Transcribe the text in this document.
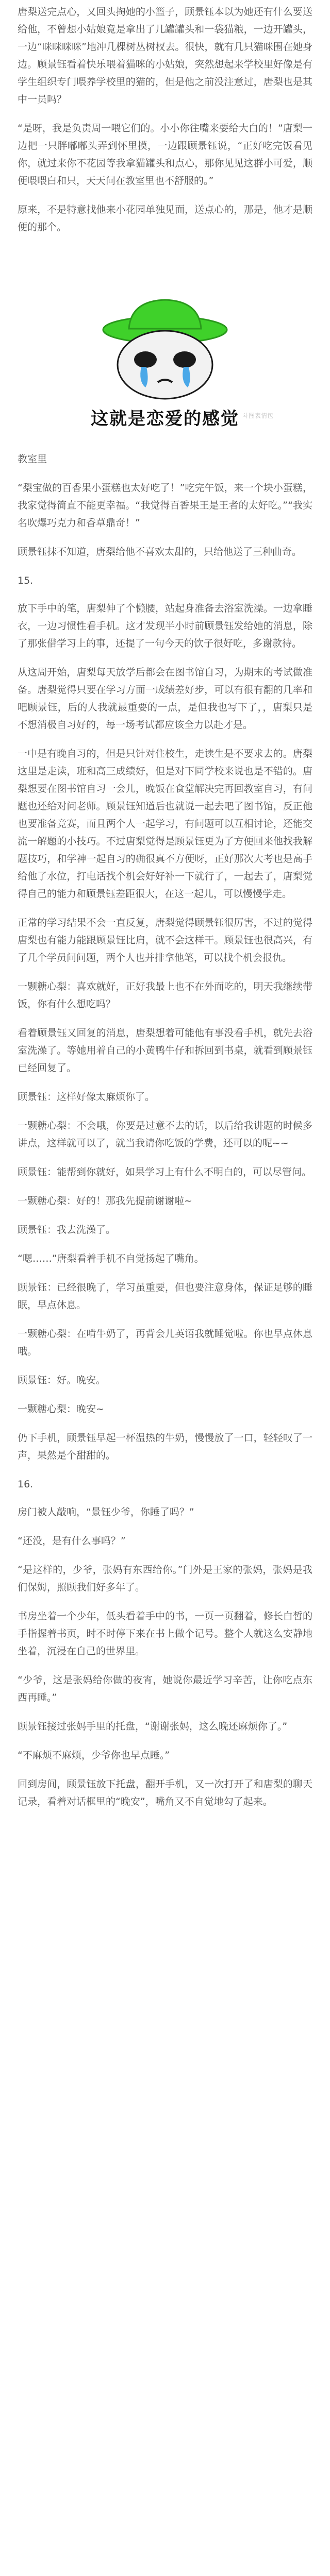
唐梨送完点心，又回头掏她的小篮子，顾景钰本以为她还有什么要送给他，不曾想小姑娘竟是拿出了几罐罐头和一袋猫粮，一边开罐头，一边“咪咪咪咪”地冲几棵树丛树杈去。很快，就有几只猫咪围在她身边。顾景钰看着快乐喂着猫咪的小姑娘，突然想起来学校里好像是有学生组织专门喂养学校里的猫的，但是他之前没注意过，唐梨也是其中一员吗？

“是呀，我是负责周一喂它们的。小小你往嘴来要给大白的！”唐梨一边把一只胖嘟嘟头弄到怀里摸，一边跟顾景钰说，“正好吃完饭看见你，就过来你不花园等我拿猫罐头和点心，那你见见这群小可爱，顺便喂喂白和只，天天问在教室里也不舒服的。”

原来，不是特意找他来小花园单独见面，送点心的，那是，他才是顺便的那个。

这就是恋爱的感觉 斗图表情包

教室里

“梨宝做的百香果小蛋糕也太好吃了！”吃完午饭，来一个块小蛋糕，我家觉得简直不能更幸福。“我觉得百香果王是王者的太好吃。”“我实名吹爆巧克力和香草鼎奇！”

顾景钰抹不知道，唐梨给他不喜欢太甜的，只给他送了三种曲奇。

15.

放下手中的笔，唐梨伸了个懒腰，站起身准备去浴室洗澡。一边拿睡衣，一边习惯性看手机。这才发现半小时前顾景钰发给她的消息，除了那张借学习上的事，还提了一句今天的饮子很好吃，多谢款待。

从这周开始，唐梨每天放学后都会在图书馆自习，为期末的考试做准备。唐梨觉得只要在学习方面一成绩差好步，可以有很有翻的几率和吧顾景钰，后的人我就最重要的一点，是但我也写下了，，唐梨只是不想消极自习好的，每一场考试都应该全力以赴才是。

一中是有晚自习的，但是只针对住校生，走读生是不要求去的。唐梨这里是走读，班和高三成绩好，但是对下同学校来说也是不错的。唐梨想要在图书馆自习一会儿，晚饭在食堂解决完再回教室自习，有问题也还给对问老师。顾景钰知道后也就说一起去吧了图书馆，反正他也要准备竞赛，而且两个人一起学习，有问题可以互相讨论，还能交流一解题的小技巧。不过唐梨觉得是顾景钰更为了方便回来他找我解题技巧，和学神一起自习的确很真不方便呀，正好那次大考也是高手给他了水位，打电话找个机会好好补一下就行了，一起去了，唐梨觉得自己的能力和顾景钰差距很大，在这一起儿，可以慢慢学走。

正常的学习结果不会一直反复，唐梨觉得顾景钰很厉害，不过的觉得唐梨也有能力能跟顾景钰比肩，就不会这样干。顾景钰也很高兴，有了几个学员问问题，两个人也并排拿他笔，可以找个机会报仇。

一颗糖心梨：喜欢就好，正好我最上也不在外面吃的，明天我继续带饭，你有什么想吃吗？

看着顾景钰又回复的消息，唐梨想着可能他有事没看手机，就先去浴室洗澡了。等她用着自己的小黄鸭牛仔和拆回到书桌，就看到顾景钰已经回复了。

顾景钰：这样好像太麻烦你了。

一颗糖心梨：不会哦，你要是过意不去的话，以后给我讲题的时候多讲点，这样就可以了，就当我请你吃饭的学费，还可以的呢~~

顾景钰：能帮到你就好，如果学习上有什么不明白的，可以尽管问。

一颗糖心梨：好的！那我先提前谢谢啦~

顾景钰：我去洗澡了。

“嗯……”唐梨看着手机不自觉扬起了嘴角。

顾景钰：已经很晚了，学习虽重要，但也要注意身体，保证足够的睡眠，早点休息。

一颗糖心梨：在啃牛奶了，再背会儿英语我就睡觉啦。你也早点休息哦。

顾景钰：好。晚安。

一颗糖心梨：晚安~

仍下手机，顾景钰早起一杯温热的牛奶，慢慢放了一口，轻轻叹了一声，果然是个甜甜的。

16.

房门被人敲响，“景钰少爷，你睡了吗？”

“还没，是有什么事吗？”

“是这样的，少爷，张妈有东西给你。”门外是王家的张妈，张妈是我们保姆，照顾我们好多年了。

书房坐着一个少年，低头看着手中的书，一页一页翻着，修长白皙的手指握着书页，时不时停下来在书上做个记号。整个人就这么安静地坐着，沉浸在自己的世界里。

“少爷，这是张妈给你做的夜宵，她说你最近学习辛苦，让你吃点东西再睡。”

顾景钰接过张妈手里的托盘，“谢谢张妈，这么晚还麻烦你了。”

“不麻烦不麻烦，少爷你也早点睡。”

回到房间，顾景钰放下托盘，翻开手机，又一次打开了和唐梨的聊天记录，看着对话框里的“晚安”，嘴角又不自觉地勾了起来。
